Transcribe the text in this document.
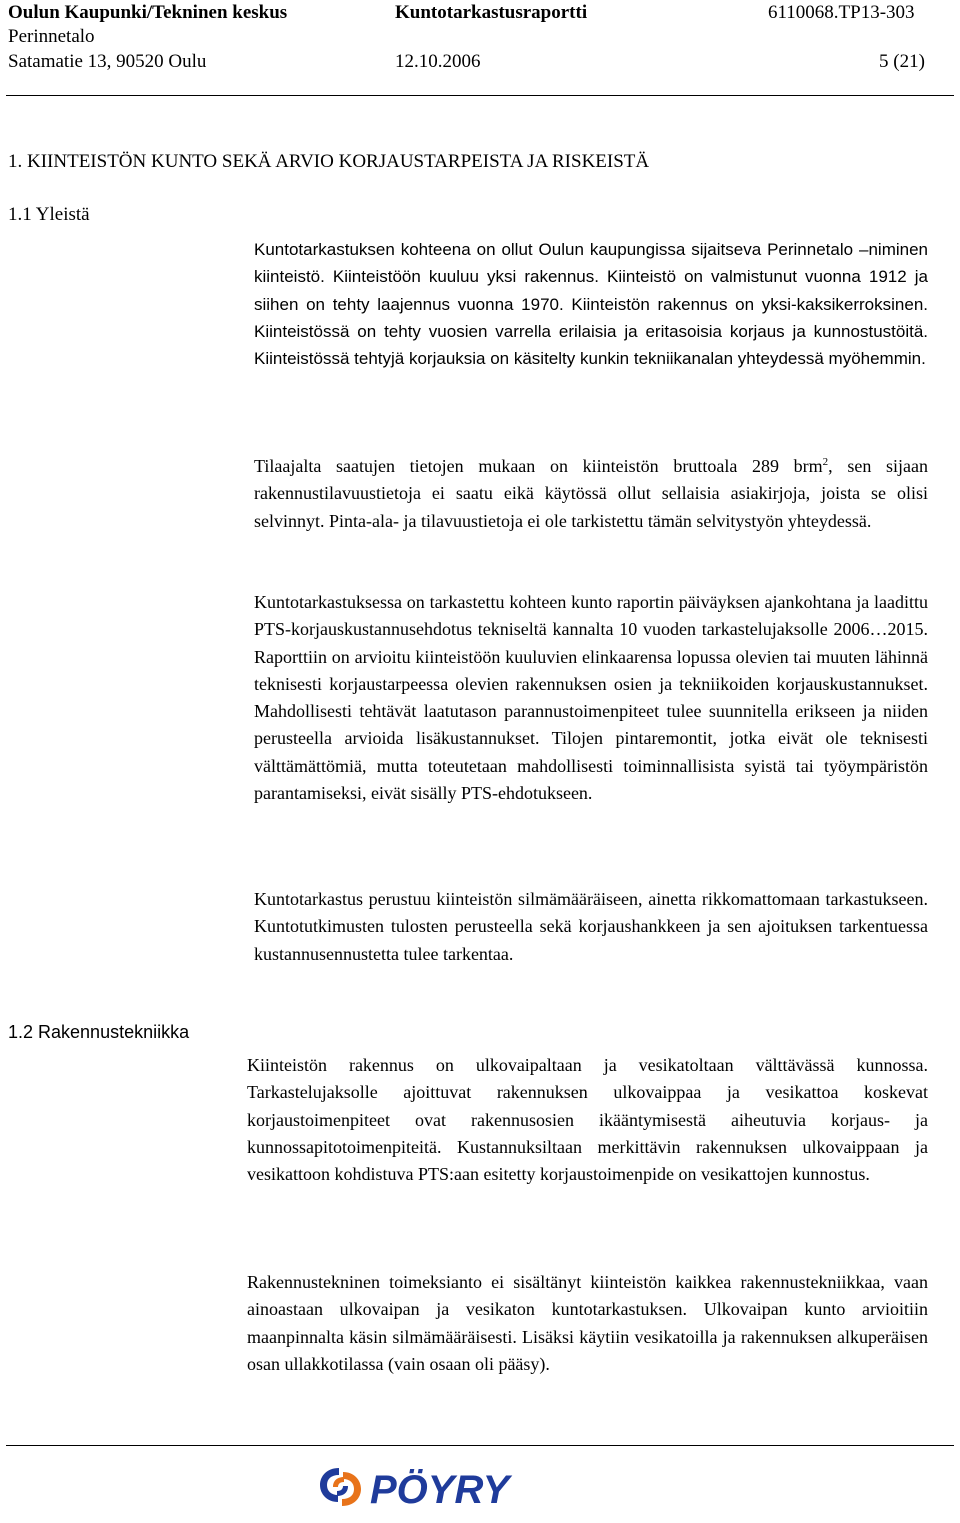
Oulun Kaupunki/Tekninen keskus	Kuntotarkastusraportti	6110068.TP13-303
Perinnetalo
Satamatie 13, 90520 Oulu	12.10.2006	5 (21)
1. KIINTEISTÖN KUNTO SEKÄ ARVIO KORJAUSTARPEISTA JA RISKEISTÄ
1.1 Yleistä

Kuntotarkastuksen kohteena on ollut Oulun kaupungissa sijaitseva Perinnetalo –niminen kiinteistö. Kiinteistöön kuuluu yksi rakennus. Kiinteistö on valmistunut vuonna 1912 ja siihen on tehty laajennus vuonna 1970. Kiinteistön rakennus on yksi-kaksikerroksinen. Kiinteistössä on tehty vuosien varrella erilaisia ja eritasoisia korjaus ja kunnostustöitä. Kiinteistössä tehtyjä korjauksia on käsitelty kunkin tekniikanalan yhteydessä myöhemmin.

Tilaajalta saatujen tietojen mukaan on kiinteistön bruttoala 289 brm$^2$, sen sijaan rakennustilavuustietoja ei saatu eikä käytössä ollut sellaisia asiakirjoja, joista se olisi selvinnyt. Pinta-ala- ja tilavuustietoja ei ole tarkistettu tämän selvitystyön yhteydessä.

Kuntotarkastuksessa on tarkastettu kohteen kunto raportin päiväyksen ajankohtana ja laadittu PTS-korjauskustannusehdotus tekniseltä kannalta 10 vuoden tarkastelujaksolle 2006…2015. Raporttiin on arvioitu kiinteistöön kuuluvien elinkaarensa lopussa olevien tai muuten lähinnä teknisesti korjaustarpeessa olevien rakennuksen osien ja tekniikoiden korjauskustannukset. Mahdollisesti tehtävät laatutason parannustoimenpiteet tulee suunnitella erikseen ja niiden perusteella arvioida lisäkustannukset. Tilojen pintaremontit, jotka eivät ole teknisesti välttämättömiä, mutta toteutetaan mahdollisesti toiminnallisista syistä tai työympäristön parantamiseksi, eivät sisälly PTS-ehdotukseen.

Kuntotarkastus perustuu kiinteistön silmämääräiseen, ainetta rikkomattomaan tarkastukseen. Kuntotutkimusten tulosten perusteella sekä korjaushankkeen ja sen ajoituksen tarkentuessa kustannusennustetta tulee tarkentaa.

1.2 Rakennustekniikka

Kiinteistön rakennus on ulkovaipaltaan ja vesikatoltaan välttävässä kunnossa. Tarkastelujaksolle ajoittuvat rakennuksen ulkovaippaa ja vesikattoa koskevat korjaustoimenpiteet ovat rakennusosien ikääntymisestä aiheutuvia korjaus- ja kunnossapitotoimenpiteitä. Kustannuksiltaan merkittävin rakennuksen ulkovaippaan ja vesikattoon kohdistuva PTS:aan esitetty korjaustoimenpide on vesikattojen kunnostus.

Rakennustekninen toimeksianto ei sisältänyt kiinteistön kaikkea rakennustekniikkaa, vaan ainoastaan ulkovaipan ja vesikaton kuntotarkastuksen. Ulkovaipan kunto arvioitiin maanpinnalta käsin silmämääräisesti. Lisäksi käytiin vesikatoilla ja rakennuksen alkuperäisen osan ullakkotilassa (vain osaan oli pääsy).

PÖYRY
